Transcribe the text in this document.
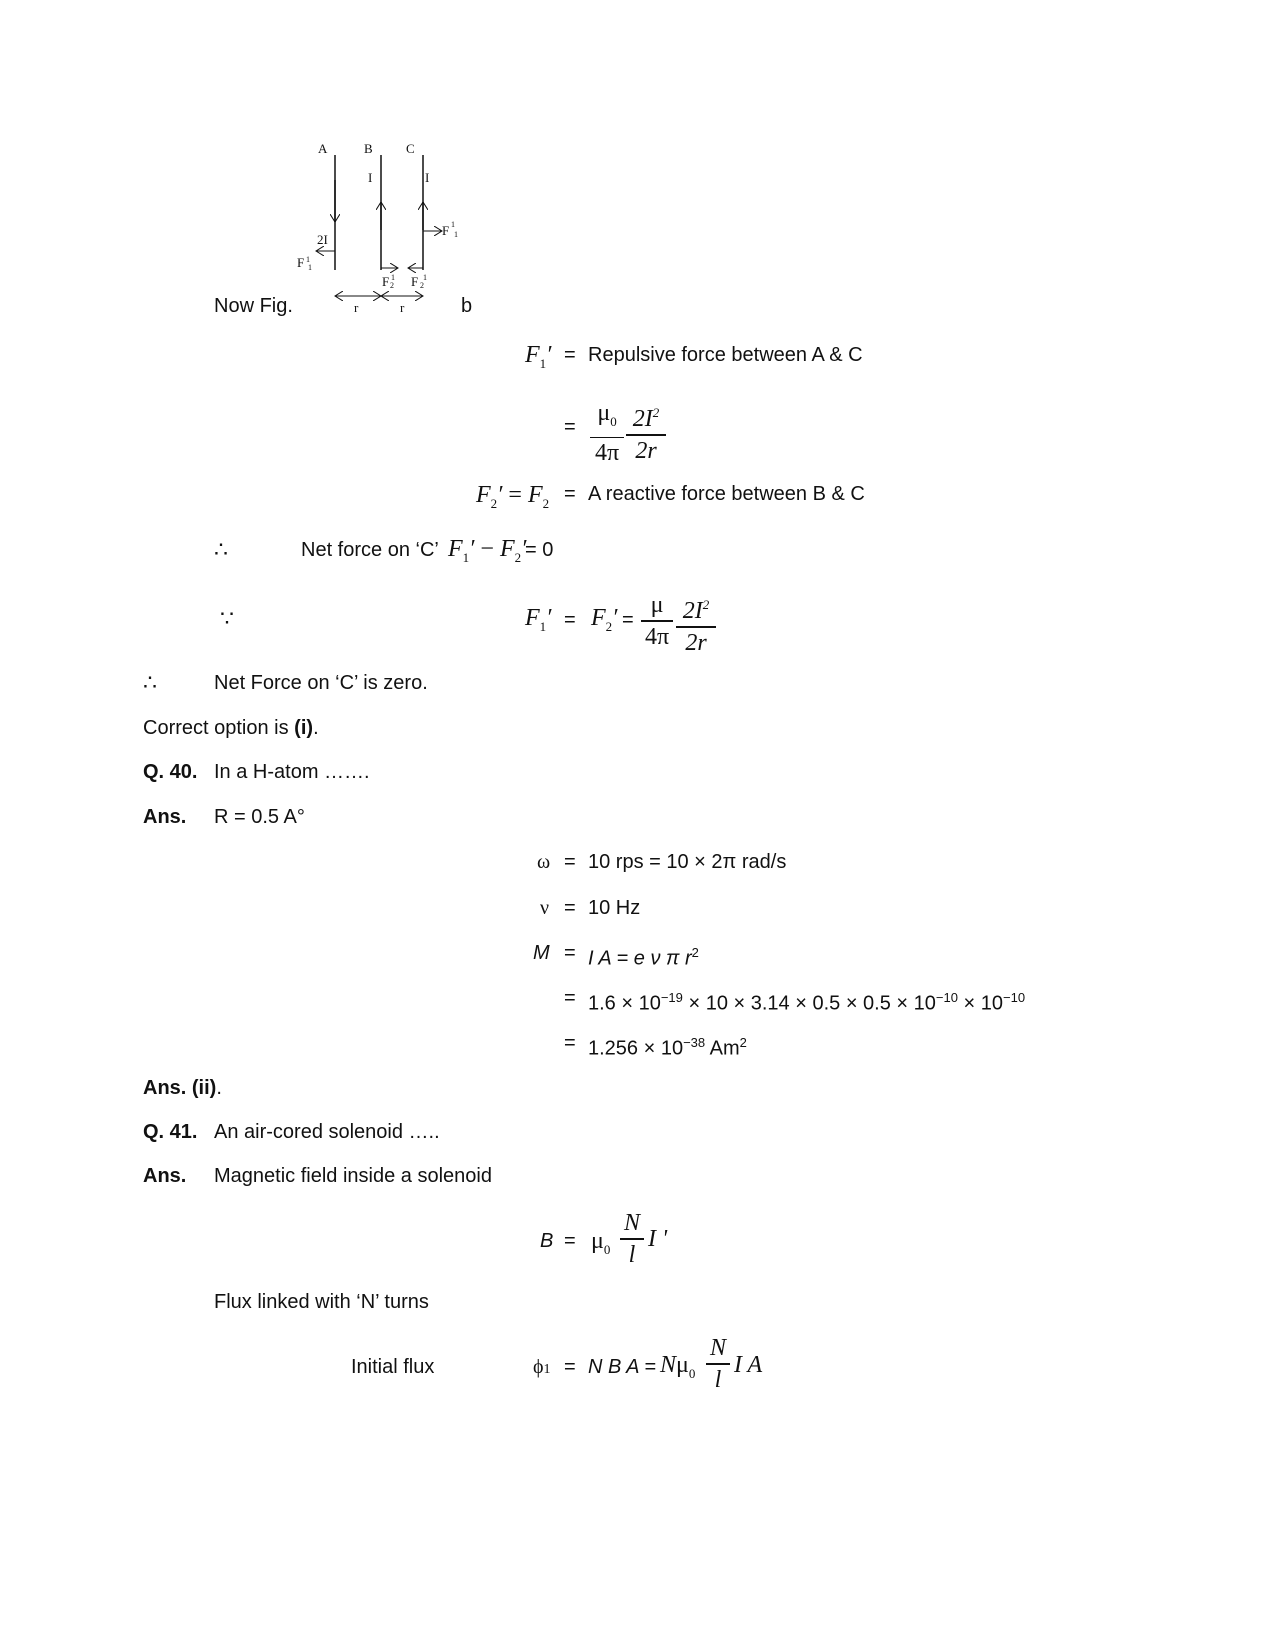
A	B	C
I	I
2I
F 1
1
F 1
1
F 1
2 F 1
2
r	r
Now Fig.	b
$F_1'$ = Repulsive force between A & C
=
$\mu_0$
4π
$2I^2$
2r
$F_2' = F_2 = A$ reactive force between B & C
∴	Net force on ‘C’ $F_1' - F_2'$
= 0
∵	$F_1' = F_2'$ =
μ
4π
$2I^2$
2r
∴	Net Force on ‘C’ is zero.
Correct option is (i).
Q. 40. In a H-atom …….
Ans. R = 0.5 A°
ω = 10 rps = 10 × 2π rad/s
ν = 10 Hz
M = I A = e ν π $r^2$
= $1.6 \times 10^{-19} \times 10 \times 3.14 \times 0.5 \times 0.5 \times 10^{-10} \times 10^{-10}$
= $1.256 \times 10^{-38}$ Am$^2$
Ans. (ii).
Q. 41. An air-cored solenoid …..
Ans. Magnetic field inside a solenoid
$B = \mu_0$
N
l
I '
Flux linked with ‘N’ turns
Initial flux	ϕ1 = N B $A = N\mu_0$
N
l
I A
